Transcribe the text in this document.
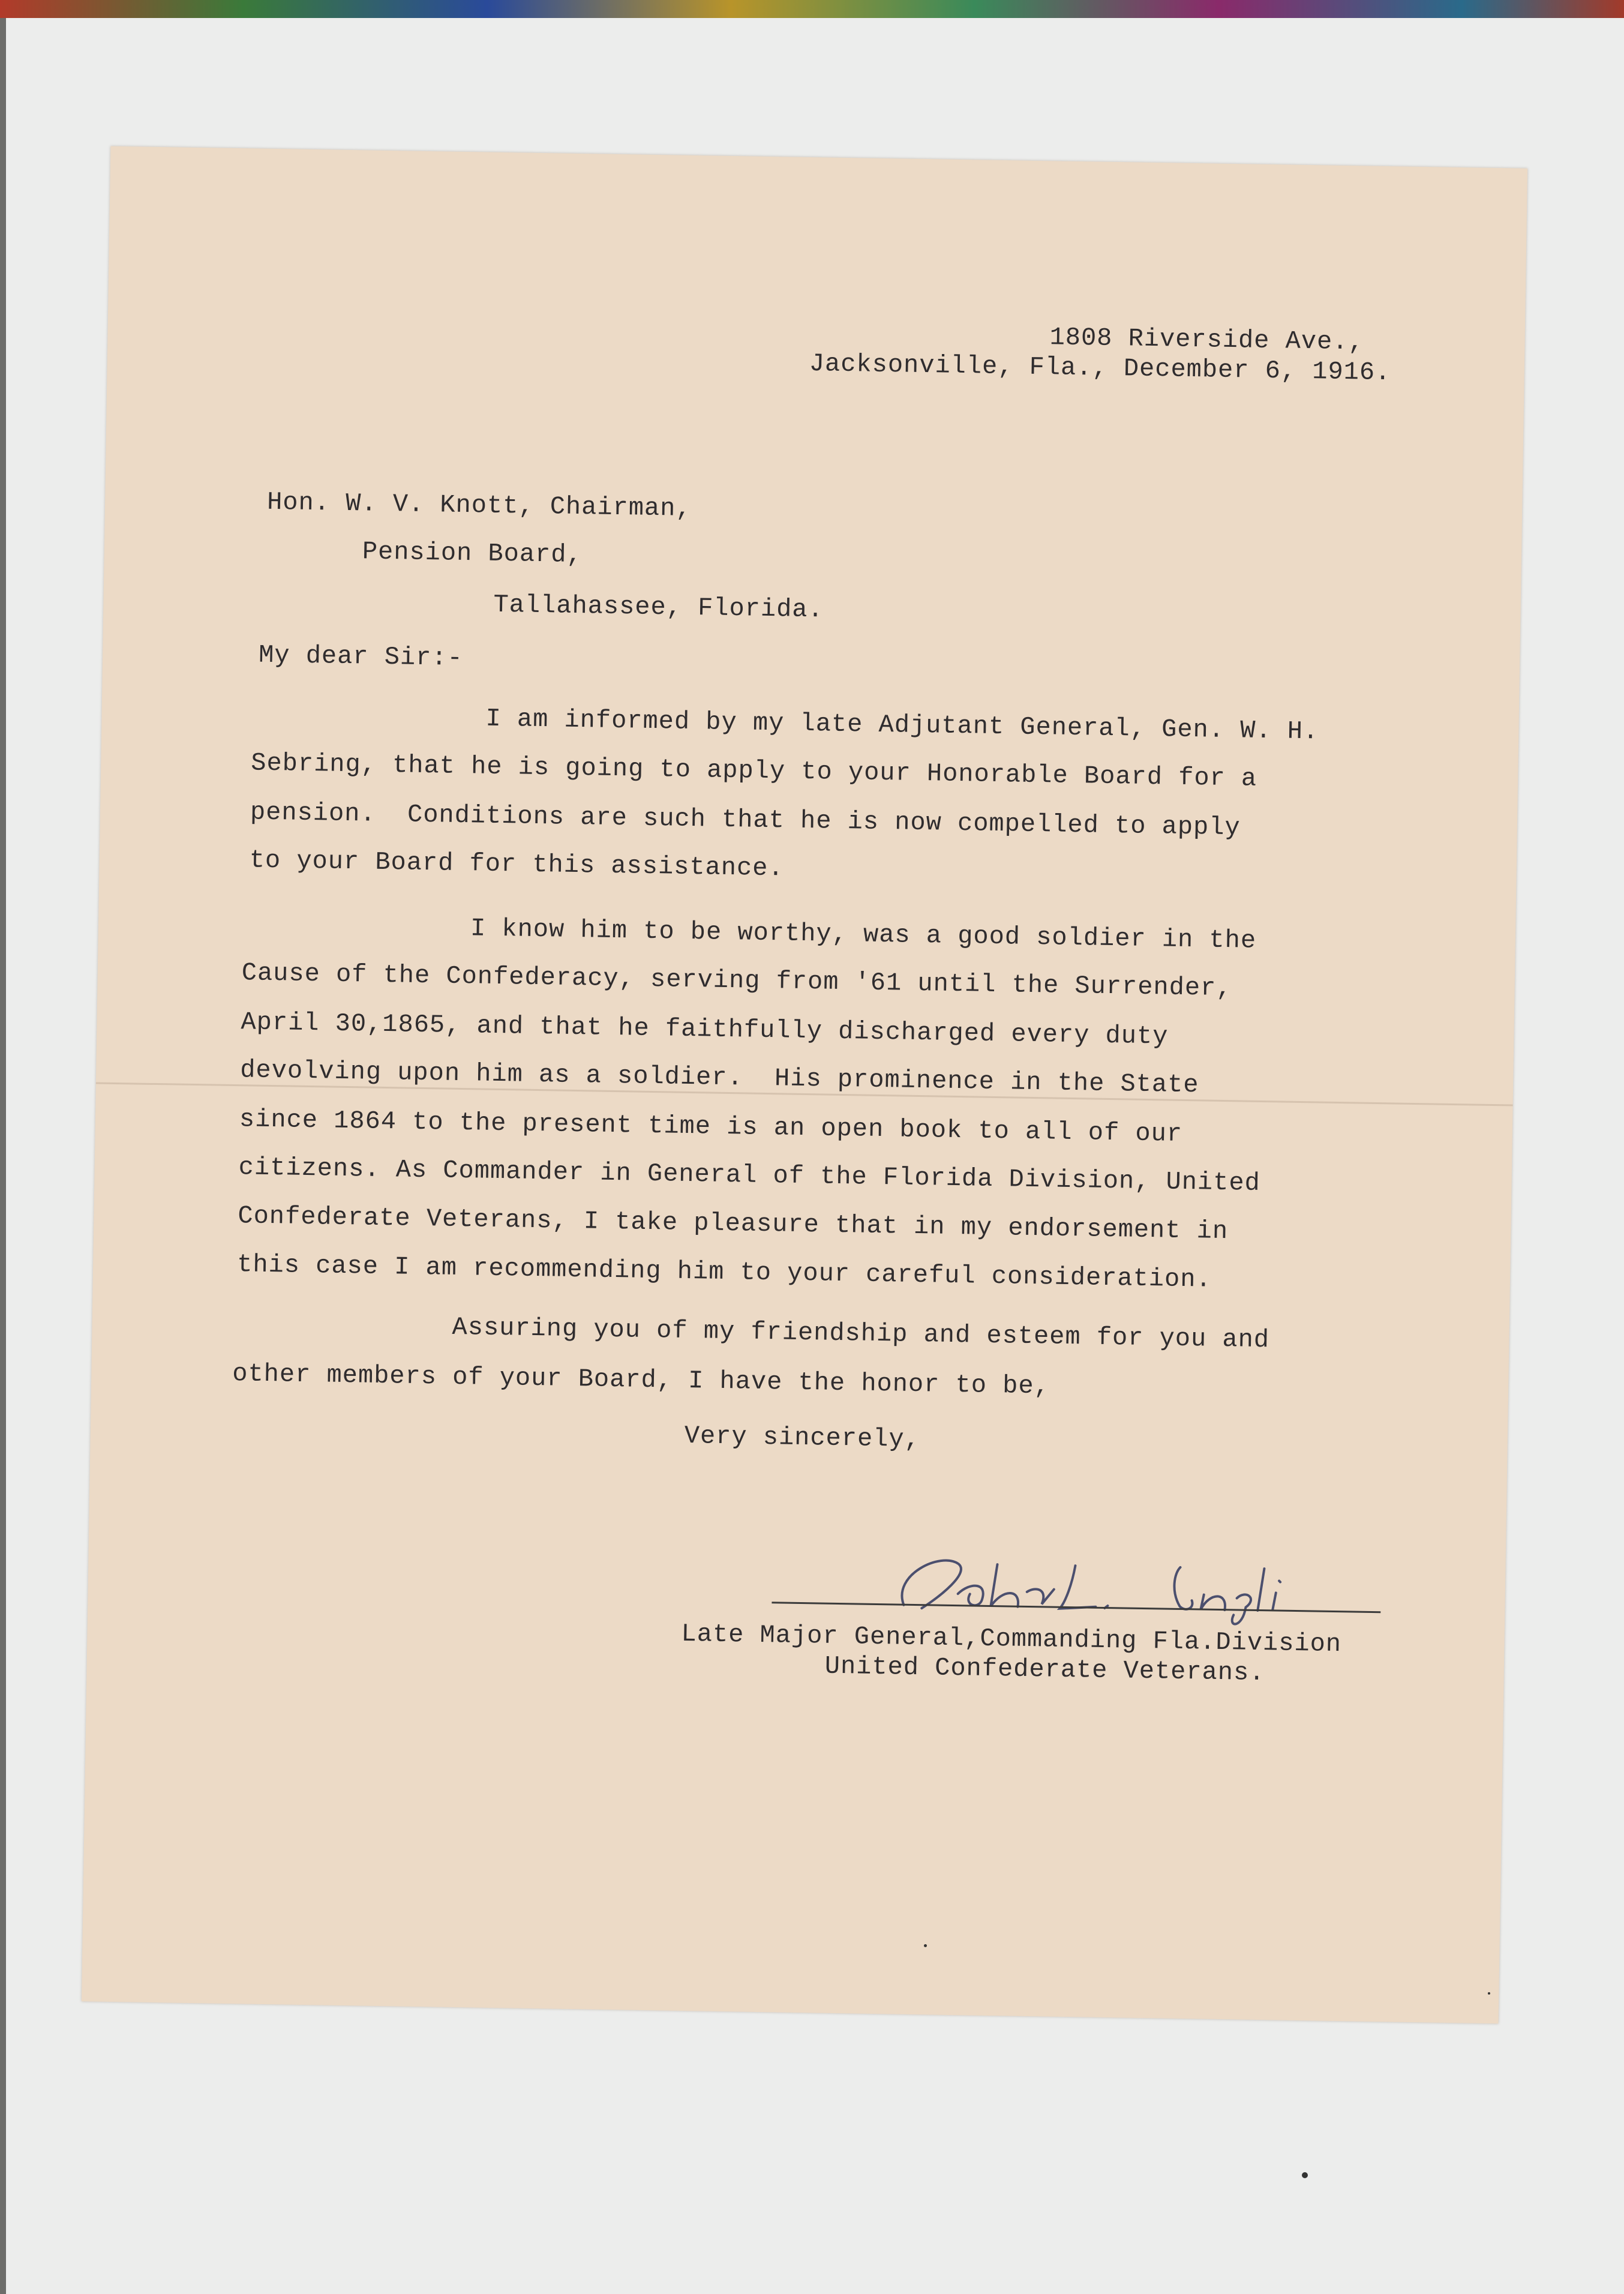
1808 Riverside Ave.,

Jacksonville, Fla., December 6, 1916.

Hon. W. V. Knott, Chairman,

Pension Board,

Tallahassee, Florida.

My dear Sir:-

I am informed by my late Adjutant General, Gen. W. H.

Sebring, that he is going to apply to your Honorable Board for a

pension.  Conditions are such that he is now compelled to apply

to your Board for this assistance.

I know him to be worthy, was a good soldier in the

Cause of the Confederacy, serving from '61 until the Surrender,

April 30,1865, and that he faithfully discharged every duty

devolving upon him as a soldier.  His prominence in the State

since 1864 to the present time is an open book to all of our

citizens. As Commander in General of the Florida Division, United

Confederate Veterans, I take pleasure that in my endorsement in

this case I am recommending him to your careful consideration.

Assuring you of my friendship and esteem for you and

other members of your Board, I have the honor to be,

Very sincerely,

Late Major General,Commanding Fla.Division

United Confederate Veterans.
